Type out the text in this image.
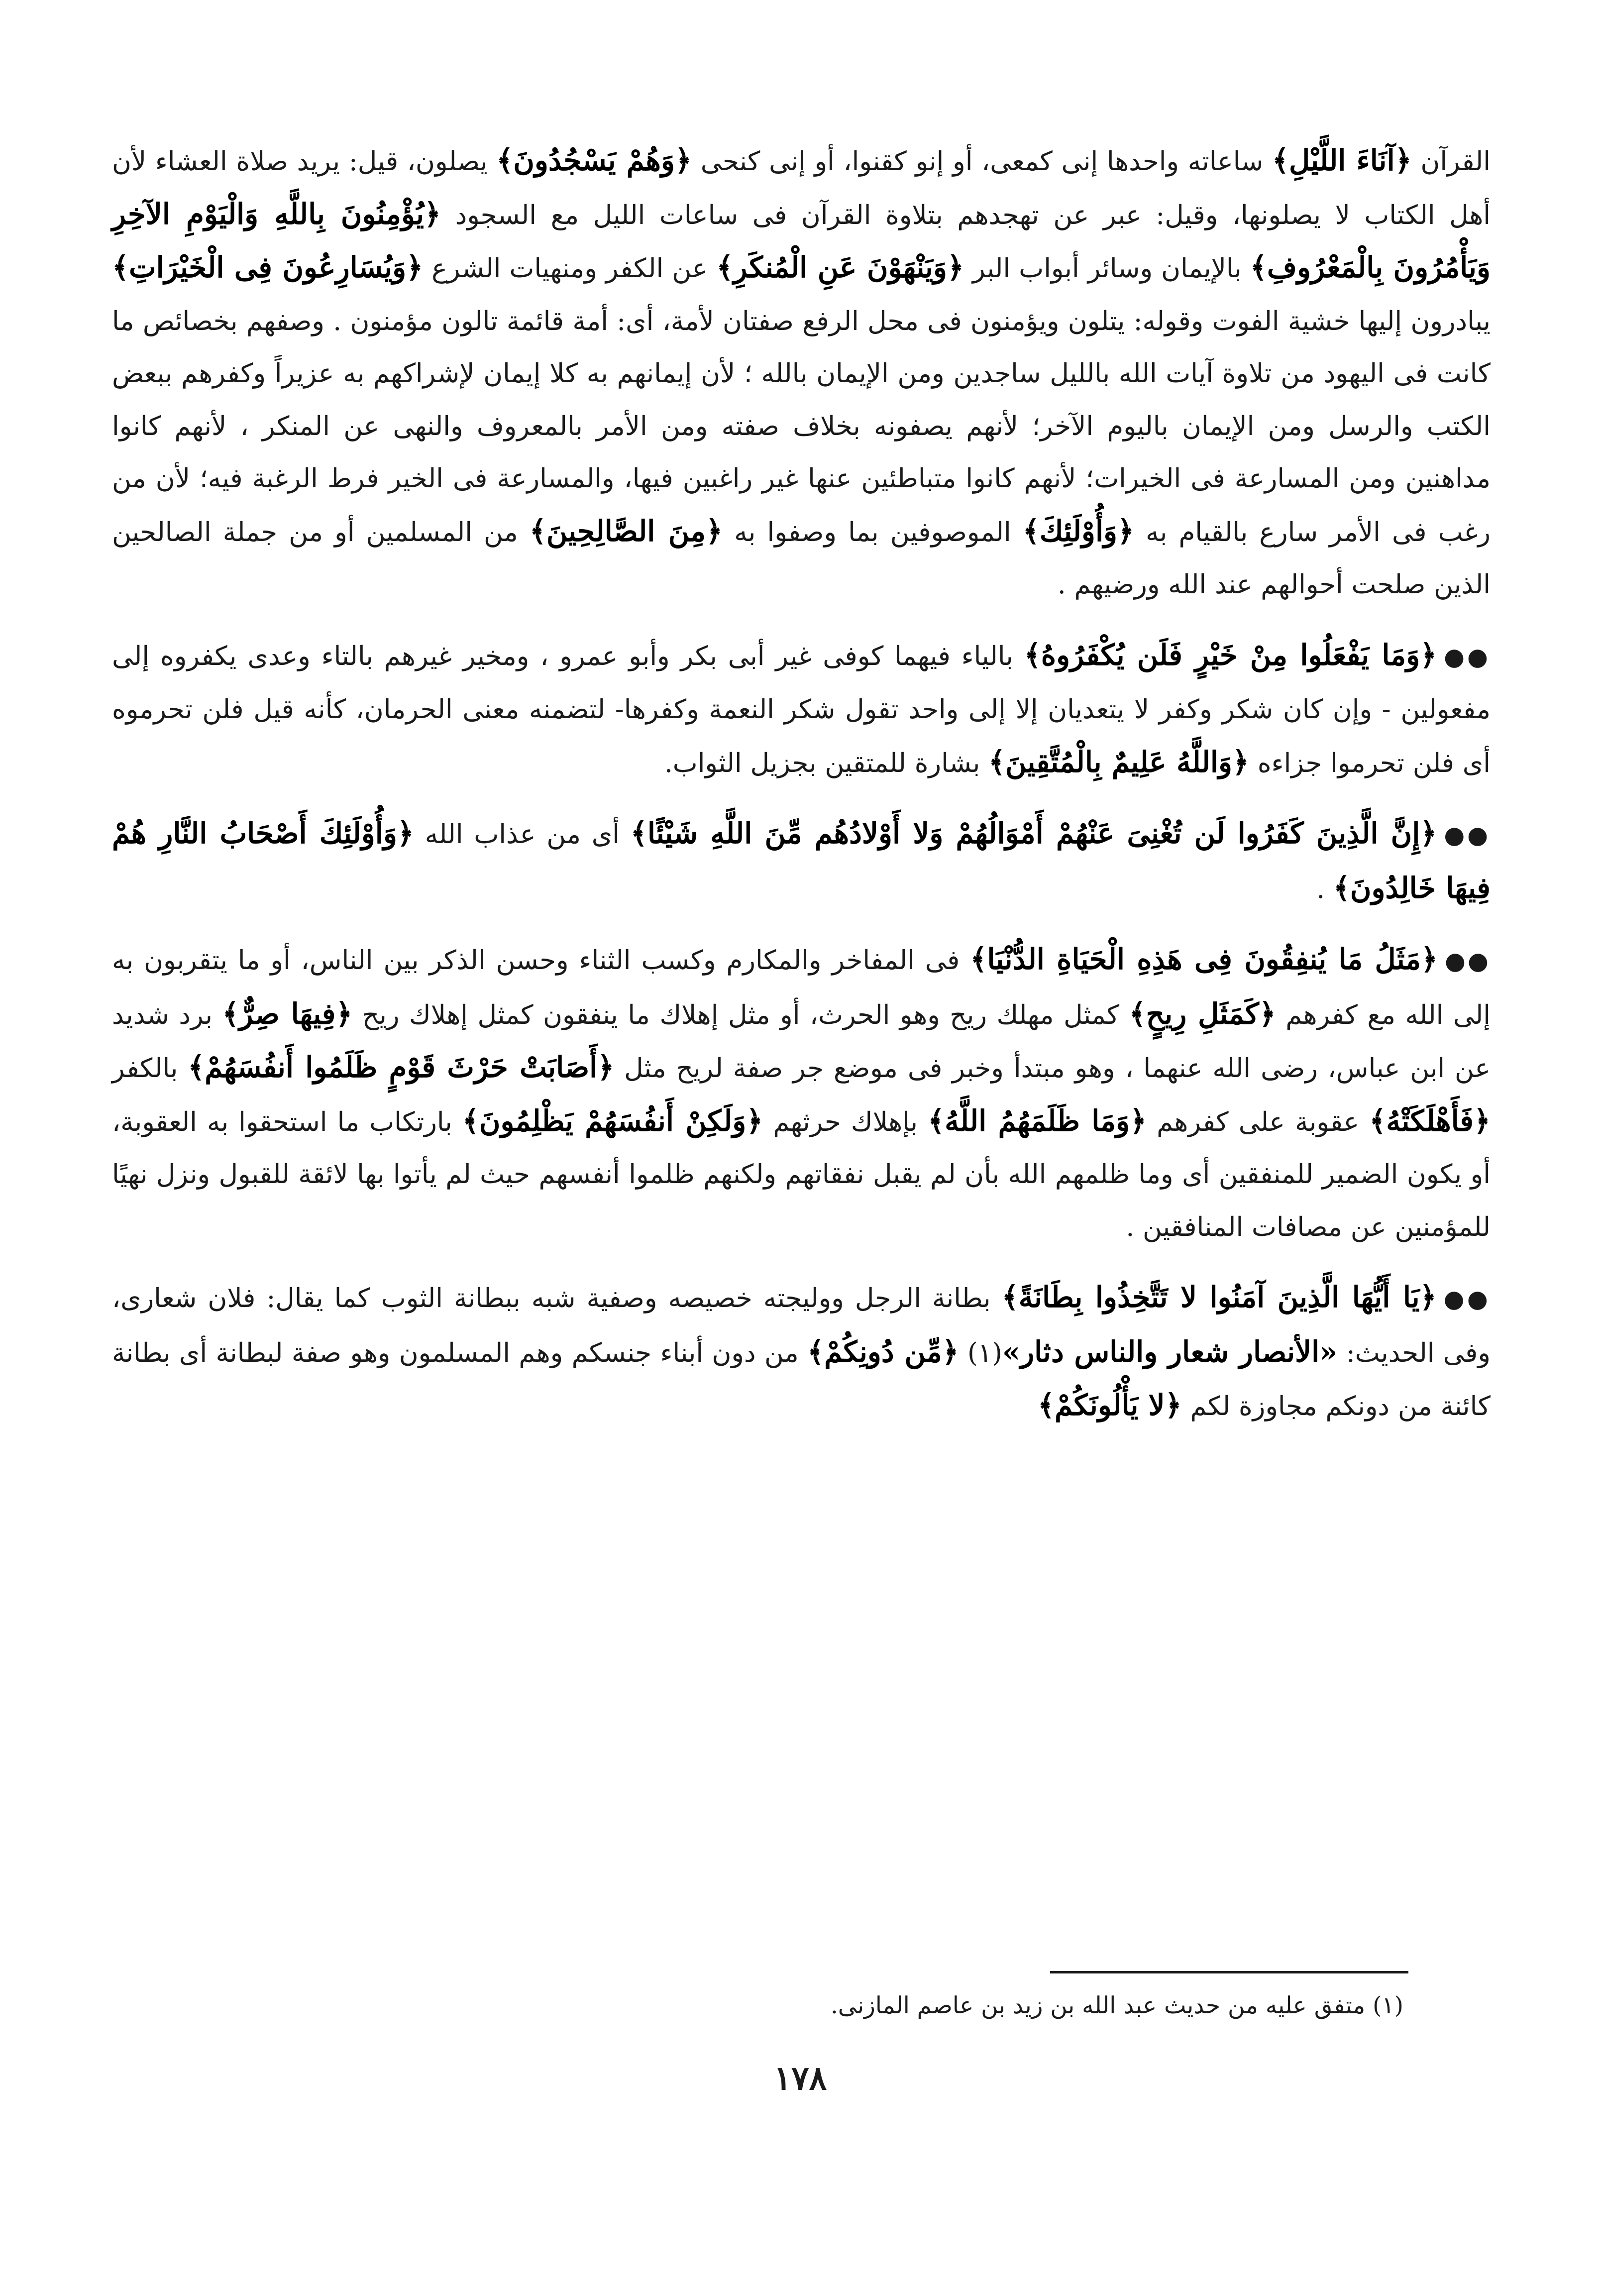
القرآن ﴿آنَاءَ اللَّيْلِ﴾ ساعاته واحدها إنى كمعى، أو إنو كقنوا، أو إنى كنحى ﴿وَهُمْ يَسْجُدُونَ﴾ يصلون، قيل: يريد صلاة العشاء لأن أهل الكتاب لا يصلونها، وقيل: عبر عن تهجدهم بتلاوة القرآن فى ساعات الليل مع السجود ﴿يُؤْمِنُونَ بِاللَّهِ وَالْيَوْمِ الآخِرِ وَيَأْمُرُونَ بِالْمَعْرُوفِ﴾ بالإيمان وسائر أبواب البر ﴿وَيَنْهَوْنَ عَنِ الْمُنكَرِ﴾ عن الكفر ومنهيات الشرع ﴿وَيُسَارِعُونَ فِى الْخَيْرَاتِ﴾ يبادرون إليها خشية الفوت وقوله: يتلون ويؤمنون فى محل الرفع صفتان لأمة، أى: أمة قائمة تالون مؤمنون . وصفهم بخصائص ما كانت فى اليهود من تلاوة آيات الله بالليل ساجدين ومن الإيمان بالله ؛ لأن إيمانهم به كلا إيمان لإشراكهم به عزيراً وكفرهم ببعض الكتب والرسل ومن الإيمان باليوم الآخر؛ لأنهم يصفونه بخلاف صفته ومن الأمر بالمعروف والنهى عن المنكر ، لأنهم كانوا مداهنين ومن المسارعة فى الخيرات؛ لأنهم كانوا متباطئين عنها غير راغبين فيها، والمسارعة فى الخير فرط الرغبة فيه؛ لأن من رغب فى الأمر سارع بالقيام به ﴿وَأُوْلَئِكَ﴾ الموصوفين بما وصفوا به ﴿مِنَ الصَّالِحِينَ﴾ من المسلمين أو من جملة الصالحين الذين صلحت أحوالهم عند الله ورضيهم .

●●﴿وَمَا يَفْعَلُوا مِنْ خَيْرٍ فَلَن يُكْفَرُوهُ﴾ بالياء فيهما كوفى غير أبى بكر وأبو عمرو ، ومخير غيرهم بالتاء وعدى يكفروه إلى مفعولين - وإن كان شكر وكفر لا يتعديان إلا إلى واحد تقول شكر النعمة وكفرها- لتضمنه معنى الحرمان، كأنه قيل فلن تحرموه أى فلن تحرموا جزاءه ﴿وَاللَّهُ عَلِيمٌ بِالْمُتَّقِينَ﴾ بشارة للمتقين بجزيل الثواب.

●●﴿إِنَّ الَّذِينَ كَفَرُوا لَن تُغْنِىَ عَنْهُمْ أَمْوَالُهُمْ وَلا أَوْلادُهُم مِّنَ اللَّهِ شَيْئًا﴾ أى من عذاب الله ﴿وَأُوْلَئِكَ أَصْحَابُ النَّارِ هُمْ فِيهَا خَالِدُونَ﴾ .

●●﴿مَثَلُ مَا يُنفِقُونَ فِى هَذِهِ الْحَيَاةِ الدُّنْيَا﴾ فى المفاخر والمكارم وكسب الثناء وحسن الذكر بين الناس، أو ما يتقربون به إلى الله مع كفرهم ﴿كَمَثَلِ رِيحٍ﴾ كمثل مهلك ريح وهو الحرث، أو مثل إهلاك ما ينفقون كمثل إهلاك ريح ﴿فِيهَا صِرٌّ﴾ برد شديد عن ابن عباس، رضى الله عنهما ، وهو مبتدأ وخبر فى موضع جر صفة لريح مثل ﴿أَصَابَتْ حَرْثَ قَوْمٍ ظَلَمُوا أَنفُسَهُمْ﴾ بالكفر ﴿فَأَهْلَكَتْهُ﴾ عقوبة على كفرهم ﴿وَمَا ظَلَمَهُمُ اللَّهُ﴾ بإهلاك حرثهم ﴿وَلَكِنْ أَنفُسَهُمْ يَظْلِمُونَ﴾ بارتكاب ما استحقوا به العقوبة، أو يكون الضمير للمنفقين أى وما ظلمهم الله بأن لم يقبل نفقاتهم ولكنهم ظلموا أنفسهم حيث لم يأتوا بها لائقة للقبول ونزل نهيًا للمؤمنين عن مصافات المنافقين .

●●﴿يَا أَيُّهَا الَّذِينَ آمَنُوا لا تَتَّخِذُوا بِطَانَةً﴾ بطانة الرجل ووليجته خصيصه وصفية شبه ببطانة الثوب كما يقال: فلان شعارى، وفى الحديث: «الأنصار شعار والناس دثار»(١) ﴿مِّن دُونِكُمْ﴾ من دون أبناء جنسكم وهم المسلمون وهو صفة لبطانة أى بطانة كائنة من دونكم مجاوزة لكم ﴿لا يَأْلُونَكُمْ﴾

(١) متفق عليه من حديث عبد الله بن زيد بن عاصم المازنى.
١٧٨
